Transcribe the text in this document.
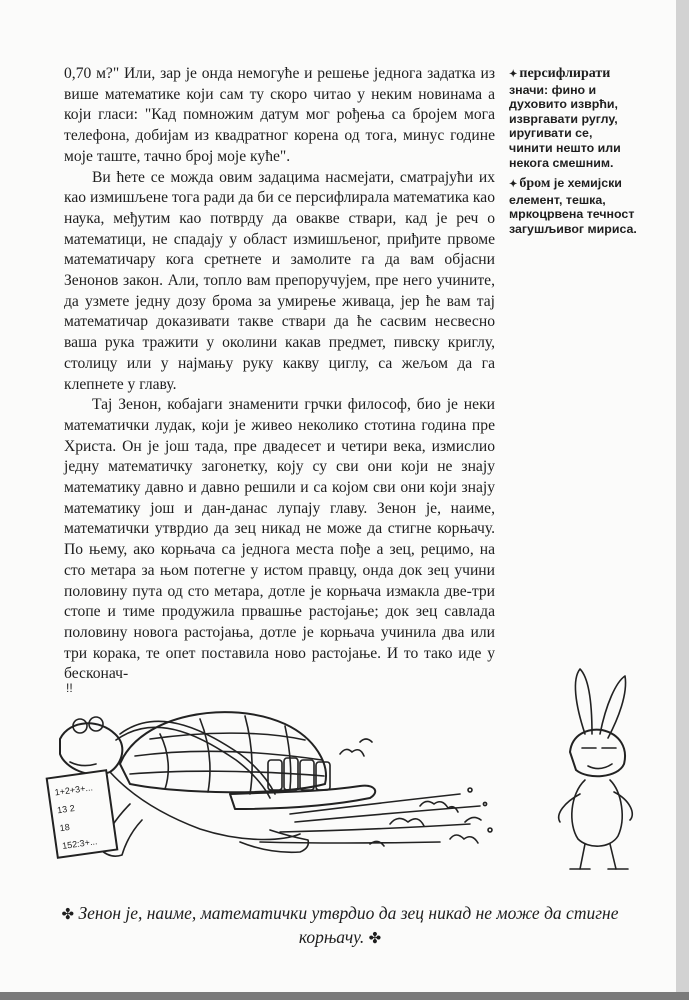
0,70 м?" Или, зар је онда немогуће и решење једнога задатка из више математике који сам ту скоро читао у неким новинама а који гласи: "Кад помножим датум мог рођења са бројем мога телефона, добијам из квадратног корена од тога, минус године моје таште, тачно број моје куће".

Ви ћете се можда овим задацима насмејати, сматрајући их као измишљене тога ради да би се персифлирала математика као наука, међутим као потврду да овакве ствари, кад је реч о математици, не спадају у област измишљеног, приђите првоме математичару кога сретнете и замолите га да вам објасни Зенонов закон. Али, топло вам препоручујем, пре него учините, да узмете једну дозу брома за умирење живаца, јер ће вам тај математичар доказивати такве ствари да ће сасвим несвесно ваша рука тражити у околини какав предмет, пивску криглу, столицу или у најмању руку какву циглу, са жељом да га клепнете у главу.

Тај Зенон, кобајаги знаменити грчки философ, био је неки математички лудак, који је живео неколико стотина година пре Христа. Он је још тада, пре двадесет и четири века, измислио једну математичку загонетку, коју су сви они који не знају математику давно и давно решили и са којом сви они који знају математику још и дан-данас лупају главу. Зенон је, наиме, математички утврдио да зец никад не може да стигне корњачу. По њему, ако корњача са једнога места пође а зец, рецимо, на сто метара за њом потегне у истом правцу, онда док зец учини половину пута од сто метара, дотле је корњача измакла две-три стопе и тиме продужила првашње растојање; док зец савлада половину новога растојања, дотле је корњача учинила два или три корака, те опет поставила ново растојање. И то тако иде у бесконач-

✦ персифлирати значи: фино и духовито изврћи, извргавати руглу, иругивати се, чинити нешто или некога смешним.
✦ бром је хемијски елемент, тешка, мркоцрвена течност загушљивог мириса.
1+2+3+...
13 2
18
152:3+...
!!
✤ Зенон је, наиме, математички утврдио да зец никад не може да стигне корњачу. ✤
